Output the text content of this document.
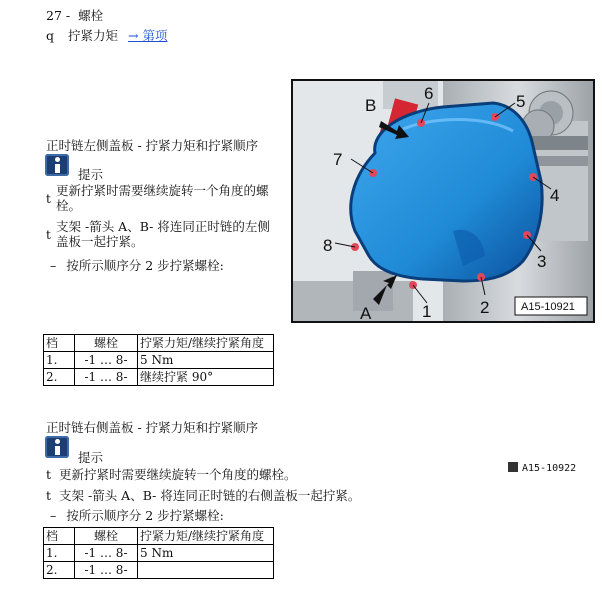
27 - 螺栓
q 拧紧力矩 → 第项
正时链左侧盖板 - 拧紧力矩和拧紧顺序
提示
t
更新拧紧时需要继续旋转一个角度的螺栓。
t
支架 -箭头 A、B- 将连同正时链的左侧盖板一起拧紧。
– 按所示顺序分 2 步拧紧螺栓:
档	螺栓	拧紧力矩/继续拧紧角度
1.	-1 … 8-	5 Nm
2.	-1 … 8-	继续拧紧 90°
1	2
3
4
5
6
7
8
A
B
A15-10921
正时链右侧盖板 - 拧紧力矩和拧紧顺序
提示
t 更新拧紧时需要继续旋转一个角度的螺栓。
t 支架 -箭头 A、B- 将连同正时链的右侧盖板一起拧紧。
– 按所示顺序分 2 步拧紧螺栓:
档	螺栓	拧紧力矩/继续拧紧角度
1.	-1 … 8-	5 Nm
2.	-1 … 8-	
A15-10922
